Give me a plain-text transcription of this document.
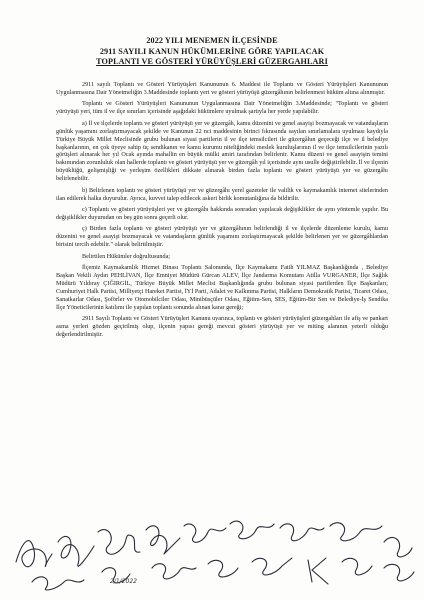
2022 YILI MENEMEN İLÇESİNDE
2911 SAYILI KANUN HÜKÜMLERİNE GÖRE YAPILACAK
TOPLANTI VE GÖSTERİ YÜRÜYÜŞLERİ GÜZERGAHLARI

2911 sayılı Toplantı ve Gösteri Yürüyüşleri Kanununun 6. Maddesi ile Toplantı ve Gösteri Yürüyüşleri Kanununun Uygulanmasına Dair Yönetmeliğin 3.Maddesinde toplantı yeri ve gösteri yürüyüşü güzergâhının belirlenmesi hüküm altına alınmıştır.

Toplantı ve Gösteri Yürüyüşleri Kanununun Uygulanmasına Dair Yönetmeliğin 3.Maddesinde; "Toplantı ve gösteri yürüyüşü yeri, tüm il ve ilçe sınırları içerisinde aşağıdaki hükümlere uyulmak şartıyla her yerde yapılabilir.

a) İl ve ilçelerde toplantı ve gösteri yürüyüşü yer ve güzergâh, kamu düzenini ve genel asayişi bozmayacak ve vatandaşların günlük yaşamını zorlaştırmayacak şekilde ve Kanunun 22 nci maddesinin birinci fıkrasında sayılan sınırlamalara uyulması kaydıyla Türkiye Büyük Millet Meclisinde grubu bulunan siyasi partilerin il ve ilçe temsilcileri ile güzergâhın geçeceği ilçe ve il belediye başkanlarının, en çok üyeye sahip üç sendikanın ve kamu kurumu niteliğindeki meslek kuruluşlarının il ve ilçe temsilcilerinin yazılı görüşleri alınarak her yıl Ocak ayında mahallin en büyük mülki amiri tarafından belirlenir. Kamu düzeni ve genel asayişin temini bakımından zorunluluk olan hallerde toplantı ve gösteri yürüyüşü yer ve güzergâh yıl içerisinde aynı usulle değiştirilebilir. İl ve ilçenin büyüklüğü, gelişmişliği ve yerleşim özellikleri dikkate alınarak birden fazla toplantı ve gösteri yürüyüşü yer ve güzergâhı belirlenebilir.

b) Belirlenen toplantı ve gösteri yürüyüşü yer ve güzergâhı yerel gazeteler ile valilik ve kaymakamlık internet sitelerinden ilan edilerek halka duyurulur. Ayrıca, kuvvet talep edilecek askeri birlik komutanlığına da bildirilir.

c) Toplantı ve gösteri yürüyüşleri yer ve güzergâhı hakkında sonradan yapılacak değişiklikler de aynı yöntemle yapılır. Bu değişiklikler duyurudan on beş gün sonra geçerli olur.

ç) Birden fazla toplantı ve gösteri yürüyüşü yer ve güzergâhının belirlendiği il ve ilçelerde düzenleme kurulu, kamu düzenini ve genel asayişi bozmayacak ve vatandaşların günlük yaşamını zorlaştırmayacak şekilde belirlenen yer ve güzergâhlardan birisini tercih edebilir." olarak belirtilmiştir.

Belirtilen Hükümler doğrultusunda;

İlçemiz Kaymakamlık Hizmet Binası Toplantı Salonunda, İlçe Kaymakamı Fatih YILMAZ Başkanlığında , Belediye Başkan Vekili Aydın PEHLİVAN, İlçe Emniyet Müdürü Gürcan ALEV, İlçe Jandarma Komutanı Atilla VURGANER, İlçe Sağlık Müdürü Yıldıray ÇIĞIRGİL, Türkiye Büyük Millet Meclisi Başkanlığında grubu bulunan siyasi partilerden İlçe Başkanları; Cumhuriyet Halk Partisi, Milliyetçi Hareket Partisi, İYİ Parti, Adalet ve Kalkınma Partisi, Halkların Demokratik Partisi, Ticaret Odası, Sanatkarlar Odası, Şoförler ve Otomobilciler Odası, Minibüsçüler Odası, Eğitim-Sen, SES, Eğitim-Bir Sen ve Belediye-İş Sendika İlçe Yöneticilerinin katılımı ile yapılan toplantı sonunda alınan karar gereği;

2911 Sayılı Toplantı ve Gösteri Yürüyüşleri Kanunu uyarınca, toplantı ve gösteri yürüyüşleri güzergahları ile afiş ve pankart asma yerleri gözden geçirilmiş olup, ilçenin yapısı gereği mevcut gösteri yürüyüşü yer ve miting alanının yeterli olduğu değerlendirilmiştir.

2/1/2022
